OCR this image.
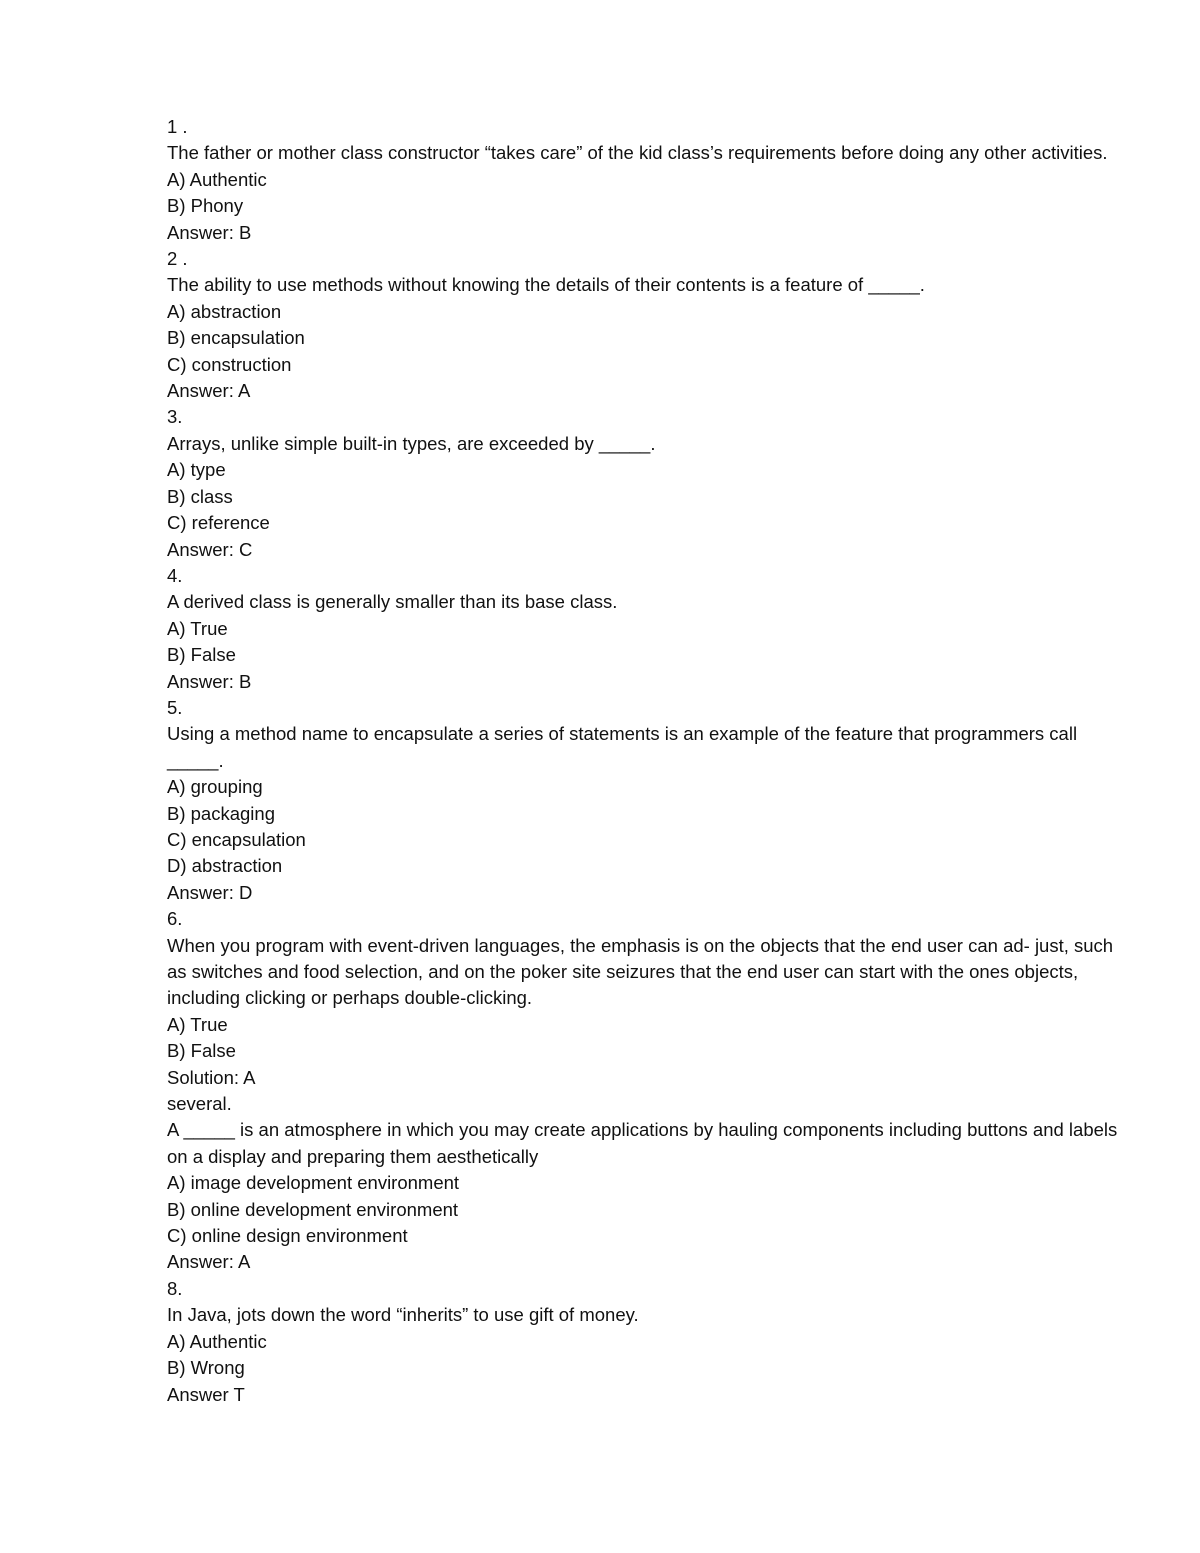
1 .

The father or mother class constructor “takes care” of the kid class’s requirements before doing any other activities.

A) Authentic

B) Phony

Answer: B

2 .

The ability to use methods without knowing the details of their contents is a feature of _____.

A) abstraction

B) encapsulation

C) construction

Answer: A

3.

Arrays, unlike simple built-in types, are exceeded by _____.

A) type

B) class

C) reference

Answer: C

4.

A derived class is generally smaller than its base class.

A) True

B) False

Answer: B

5.

Using a method name to encapsulate a series of statements is an example of the feature that programmers call _____.

A) grouping

B) packaging

C) encapsulation

D) abstraction

Answer: D

6.

When you program with event-driven languages, the emphasis is on the objects that the end user can ad- just, such as switches and food selection, and on the poker site seizures that the end user can start with the ones objects, including clicking or perhaps double-clicking.

A) True

B) False

Solution: A

several.

A _____ is an atmosphere in which you may create applications by hauling components including buttons and labels on a display and preparing them aesthetically

A) image development environment

B) online development environment

C) online design environment

Answer: A

8.

In Java, jots down the word “inherits” to use gift of money.

A) Authentic

B) Wrong

Answer T
